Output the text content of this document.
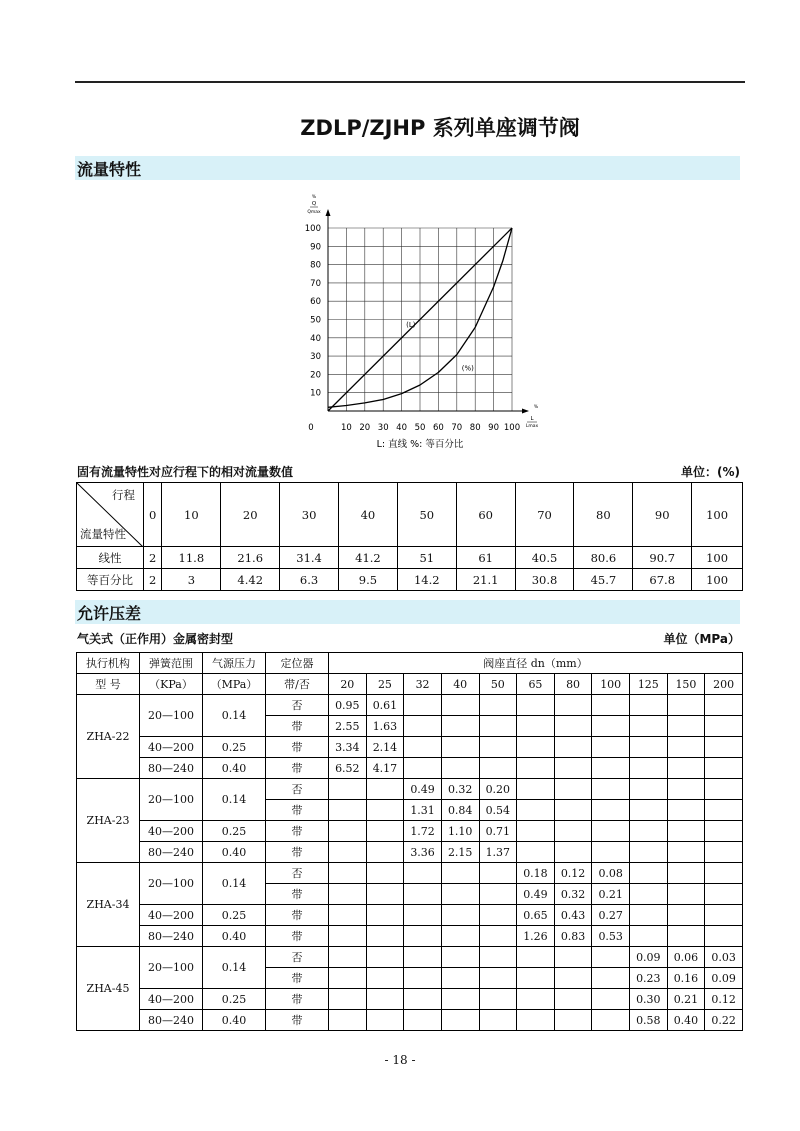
ZDLP/ZJHP 系列单座调节阀
流量特性
10
20
30
40
50
60
70
80
90
100
10 20 30 40 50 60 70 80 90 100
0
%
Q
Qmax
%
L
Lmax
(L)
(%)
L: 直线 %: 等百分比
固有流量特性对应行程下的相对流量数值	单位：(%)
行程
流量特性	0	10	20	30	40	50	60	70	80	90	100
线性	2	11.8	21.6	31.4	41.2	51	61	40.5	80.6	90.7	100
等百分比	2	3	4.42	6.3	9.5	14.2	21.1	30.8	45.7	67.8	100
允许压差
气关式（正作用）金属密封型	单位（MPa）
执行机构	弹簧范围	气源压力	定位器	阀座直径 dn（mm）										
型 号	（KPa）	（MPa）	带/否	20	25	32	40	50	65	80	100	125	150	200
ZHA-22	20—100	0.14	否	0.95	0.61									
			带	2.55	1.63									
	40—200	0.25	带	3.34	2.14									
	80—240	0.40	带	6.52	4.17									
ZHA-23	20—100	0.14	否			0.49	0.32	0.20						
			带			1.31	0.84	0.54						
	40—200	0.25	带			1.72	1.10	0.71						
	80—240	0.40	带			3.36	2.15	1.37						
ZHA-34	20—100	0.14	否						0.18	0.12	0.08			
			带						0.49	0.32	0.21			
	40—200	0.25	带						0.65	0.43	0.27			
	80—240	0.40	带						1.26	0.83	0.53			
ZHA-45	20—100	0.14	否									0.09	0.06	0.03
			带									0.23	0.16	0.09
	40—200	0.25	带									0.30	0.21	0.12
	80—240	0.40	带									0.58	0.40	0.22
- 18 -
